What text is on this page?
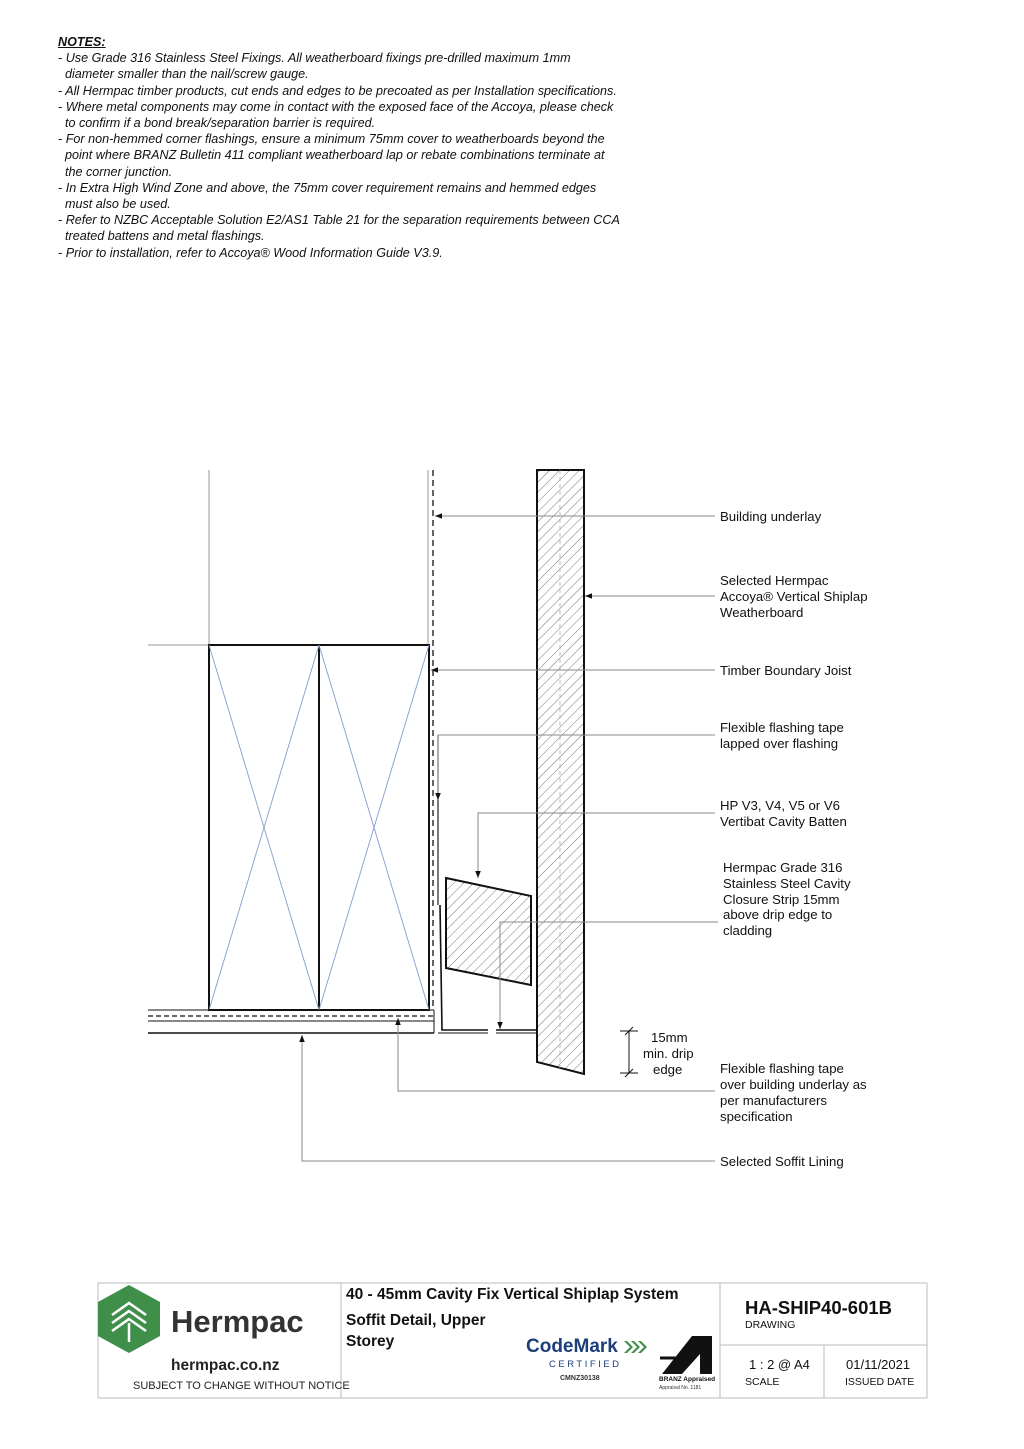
NOTES:
- Use Grade 316 Stainless Steel Fixings. All weatherboard fixings pre-drilled maximum 1mm
diameter smaller than the nail/screw gauge.
- All Hermpac timber products, cut ends and edges to be precoated as per Installation specifications.
- Where metal components may come in contact with the exposed face of the Accoya, please check
to confirm if a bond break/separation barrier is required.
- For non-hemmed corner flashings, ensure a minimum 75mm cover to weatherboards beyond the
point where BRANZ Bulletin 411 compliant weatherboard lap or rebate combinations terminate at
the corner junction.
- In Extra High Wind Zone and above, the 75mm cover requirement remains and hemmed edges
must also be used.
- Refer to NZBC Acceptable Solution E2/AS1 Table 21 for the separation requirements between CCA
treated battens and metal flashings.
- Prior to installation, refer to Accoya® Wood Information Guide V3.9.
Building underlay
Selected Hermpac
Accoya® Vertical Shiplap
Weatherboard
Timber Boundary Joist
Flexible flashing tape
lapped over flashing
HP V3, V4, V5 or V6
Vertibat Cavity Batten
Hermpac Grade 316
Stainless Steel Cavity
Closure Strip 15mm
above drip edge to
cladding
15mm
min. drip
edge	Flexible flashing tape
over building underlay as
per manufacturers
specification
Selected Soffit Lining
Hermpac
hermpac.co.nz
SUBJECT TO CHANGE WITHOUT NOTICE
40 - 45mm Cavity Fix Vertical Shiplap System
Soffit Detail, Upper
Storey	CodeMark
CERTIFIED
CMNZ30138	BRANZ Appraised
Appraisal No. 1181
HA-SHIP40-601B
DRAWING
1 : 2 @ A4
SCALE
01/11/2021
ISSUED DATE
